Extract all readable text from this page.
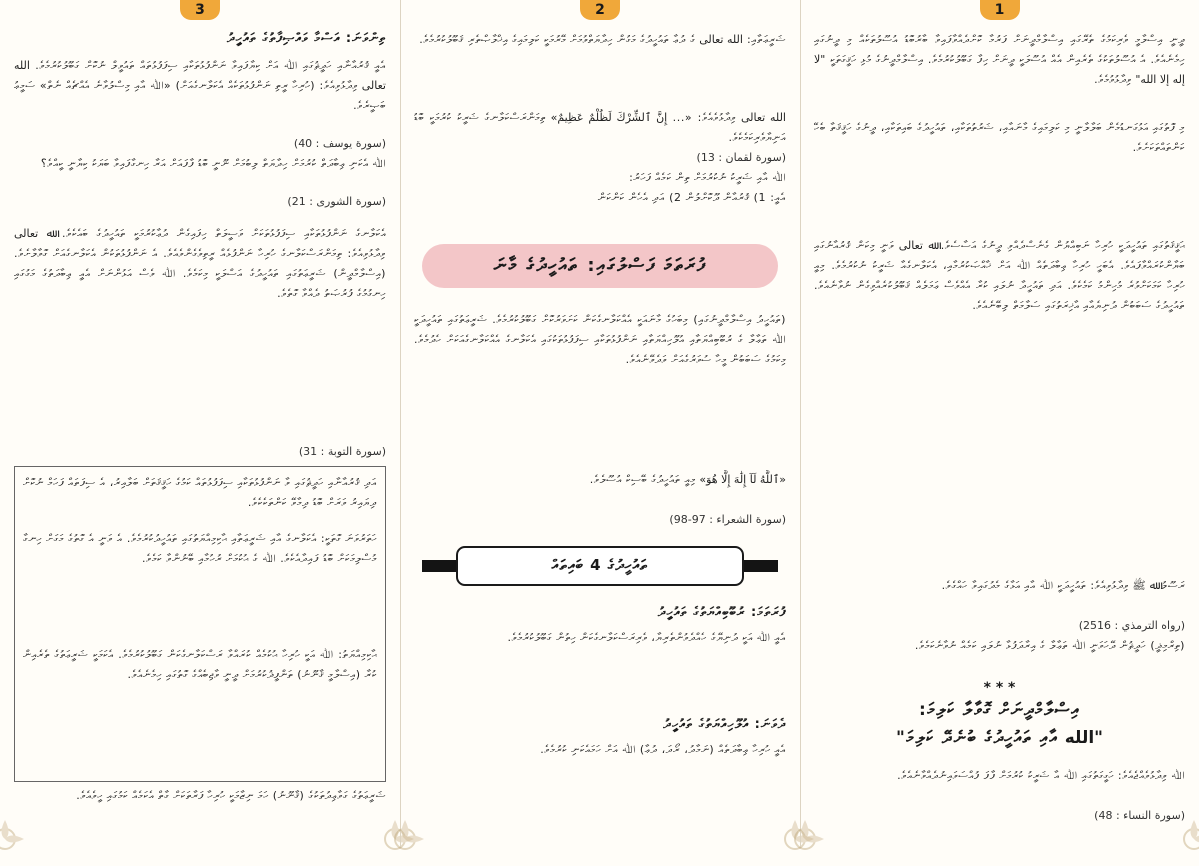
3

ތިންވަނަ: އަސްމާ ވައްޞިފާތުގެ ތައުހީދު

އެއީ ޤުރުއާނާއި ހަދީޘުގައި ﷲ އަށް ކިޔާފައިވާ ނަންފުޅުތަކާއި ސިފަފުޅުތައް ތައުވީލް ނުކޮށް ގަބޫލުކުރުމެވެ. الله تعالى ވިދާޅުވިއެވެ: (ހުރިހާ ރީތި ނަންފުޅުތަކެއް އެކަލާނގެއަށް) «ﷲ އާއި މިސްލުވާނެ އެއްޗެއް ނެތް» ސަމީޢު ބަޞީރެވެ.

(سورة يوسف : 40)

ﷲ އެކަނި ޢިބާދަތް ކުރުމަށް ހިދާޔަތް ލިބުމަށް ނޫނީ ބޮޑު ފާފައަށް އަރާ ހިނގާފައިވާ ބަޔަކު ކިޔާނީ ކީއްވެ؟

(سورة الشورى : 21)

އެކަލާނގެ ނަންފުޅުތަކާއި ސިފަފުޅުތަކަށް ވަސީލަތް ހިފައިގެން ދުޢާކުރުމަކީ ތައުހީދުގެ ބައެކެވެ. ﷲ تعالى ވިދާޅުވިއެވެ: ތިމަންރަސްކަލާނގެ ހުރިހާ ނަންފުޅެއް ރީތިވެގެންވެއެވެ. އެ ނަންފުޅުތަކުން އެކަލާނގެއަށް ގޮވާލާށެވެ. (އިސްލާމްދީން) ޝަރީޢަތުގައި ތައުހީދުގެ އަސްލަކީ މިކަމެވެ. ﷲ ވެސް އަޅުންނަށް އެއީ ޢިބާދަތުގެ މަގުގައި ހިނގުމުގެ ފުރުޞަތު ދެއްވާ ގޮތެވެ.

(سورة التوبة : 31)

އަދި ޤުރުއާނާއި ހަދީޘުގައި ވާ ނަންފުޅުތަކާއި ސިފަފުޅުތައް ކަމުގެ ހަޤީޤަތަށް ބަލާއިރު، އެ ސިފަތައް ފަހަމް ނުކޮށް ދިޔައިރު ވަރަށް ބޮޑު ދިމާވޭ ކަންތަކެކެވެ.

ހަތަރުވަނަ ގޮތަކީ: އެކަލާނގެ އާއި ޝަރީޢަތާއި ޙާކިމިއްޔަތުގައި ތައުހީދުކުރުމެވެ. އެ ވަނީ އެ ގޮތުގެ މަގަށް ހިނގާ މުސްލިމަކަށް ބޮޑު ފައިދާއެކެވެ. ﷲ ގެ ޙުކުމަށް ރުހުމާއި ބޭނުންވާ ކަމެވެ.

ޙާކިމިއްޔަތު: ﷲ އަކީ ހުރިހާ ޙުކުމެއް ކުރައްވާ ރަސްކަލާނގެކަން ގަބޫލުކުރުމެވެ. އެކަމަކީ ޝަރީޢަތުގެ ތެރެއިން ކުރާ (އިސްލާމީ ޤާނޫނު) ތަންފީޛުކުރުމަށް ދީނީ ވާޖިބެއްގެ ގޮތުގައި ހިމެނެއެވެ.

ޝަރީޢަތުގެ ގަވާޢިދުތަކުގެ (ޤާނޫނު) ހަމަ ނިޒާމަކީ ހުރިހާ ފަރާތަކަށް ގާތް އެކަމެއް ކަމުގައި ހީވެއެވެ.

2

ޝަރީޢަތާއި: الله تعالى ގެ ދުޢާ ތައުހީދުގެ މަގުން ހިދާޔަތްވުމަށް މޭރުމަކީ ކަލިމައިގެ އިޚްލާޞްތެރި ޤަބޫލުކުރުމެވެ.

الله تعالى ވިދާޅުވެއެވެ: «... إِنَّ ٱلشِّرْكَ لَظُلْمٌ عَظِيمٌ» ތިމަންރަސްކަލާނގެ ޝަރީކު ކުރުމަކީ ބޮޑު އަނިޔާވެރިކަމެކެވެ.

(سورة لقمان : 13)

ﷲ އާއި ޝަރީކު ނުކުރުމަށް ތިން ކަމެއް ފަހަރު:

އެއީ: 1) ޤުރުއާން ދޫކޮށްލުން 2) އަދި އެހެން ކަންކަން

ފުރަތަމަ ފަސްލުގައި: ތައުހީދުގެ މާނަ

(ތައުހީދު އިސްލާމްދީނުގައި) މިބަހުގެ މާނައަކީ އެއްކަލާނގެކަން ކަށަވަރުކޮށް ގަބޫލުކުރުމެވެ. ޝަރީޢަތުގައި ތައުހީދަކީ ﷲ ތަޢާލާ ގެ ރުބޫބިއްޔަތާއި އުލޫހިއްޔަތާއި ނަންފުޅުތަކާއި ސިފަފުޅުތަކުގައި އެކަލާނގެ އެއްކަލާނގެއަކަށް ހެދުމެވެ. މިކަމުގެ ސަބަބުން މީހާ ސުވަރުގެއަށް ވަދެވޭނެއެވެ.

«ٱللَّهُ لَآ إِلَٰهَ إِلَّا هُوَ» މިއީ ތައުހީދުގެ ބޭސިކް އުސޫލެވެ.

(سورة الشعراء : 97-98)

ތައުހީދުގެ 4 ބައިތައް

ފުރަތަމަ: ރުބޫބިއްޔަތުގެ ތައުހީދު

އެއީ ﷲ އަކީ ދުނިޔޭގެ ހެއްދެވުންތެރިޔާ، ވެރިރަސްކަލާނގެކަން ހިތުން ގަބޫލުކުރުމެވެ.

ދެވަނަ: އުލޫހިއްޔަތުގެ ތައުހީދު

އެއީ ހުރިހާ ޢިބާދަތެއް (ނަމާދު، ރޯދަ، ދުޢާ) ﷲ އަށް ހަމައެކަނި ކުރުމެވެ.

1

ދީނީ އިސްލާމީ ވެރިކަމުގެ ތެރޭގައި އިސްލާމްދީނަށް ފަރުމާ ކޮށްދެއްވާފައިވާ ބާރުބޮޑު އުސޫލުތަކެއް މި ދީނުގައި ހިމެނެއެވެ. އެ އުސޫލުތަކުގެ ތެރެއިން އެއް އުސޫލަކީ ދީނަށް ހިފާ ގަބޫލުކުރުމެވެ. އިސްލާމްދީނުގެ މުޅި ހަޤީގަތަކީ "لا إله إلا الله" ވިދާޅުވުމެވެ.

މި ފޮތުގައި އަޅުގަނޑުމެން ބަލާލާނީ މި ކަލިމައިގެ މާނައާއި، ޝަރުތުތަކާއި، ތައުހީދުގެ ބައިތަކާއި، ދީނުގެ ހަޤީޤަތާ ބެހޭ ކަންތައްތަކަށެވެ.

ޙަޤީޤަތުގައި ތައުހީދަކީ ހުރިހާ ނަބިއްޔުން ގެނެސްދެއްވި ދީނުގެ އަސާސެވެ. ﷲ تعالى ވަނީ މިކަން ޤުރުއާނުގައި ބަޔާންކުރައްވާފައެވެ. އެބަހީ ހުރިހާ ޢިބާދަތެއް ﷲ އަށް ޚާއްޞަކުރުމާއި، އެކަލާނގެއާ ޝަރީކު ނުކުރުމެވެ. މިއީ ހުރިހާ ކަމަކަށްވުރެ މުހިންމު ކަމެކެވެ. އަދި ތައުހީދާ ނުލައި ކުރާ އެއްވެސް ޢަމަލެއް ޤަބޫލުކުރެއްވިގެން ނުވާނެއެވެ. ތައުހީދުގެ ސަބަބުން ދުނިޔެއާއި އާޚިރަތުގައި ސަލާމަތް ލިބޭނެއެވެ.

ރަސޫލު ﷲ ﷺ ވިދާޅުވިއެވެ: ތައުހީދަކީ ﷲ އާއި އަޅާގެ މެދުގައިވާ ހައްގެވެ.

(رواه الترمذي : 2516)

(ތިރްމިޛީ) ހަދީޘުން ދޭހަވަނީ ﷲ ތަޢާލާ ގެ އިރާދަފުޅާ ނުލައި ކަމެއް ނުވާނެކަމެވެ.

* * *

އިސްލާމްދީނަށް ގޮވާލާ ކަލިމަ:

"الله އާއި ތައުހީދުގެ ބުނެދޭ ކަލިމަ"

ﷲ ވިދާޅުވެއްޖެއެވެ: ހަގީގަތުގައި ﷲ އާ ޝަރީކު ކުރުމަށް ފާފަ ފުއްސަވައިނުދެއްވާނެއެވެ.

(سورة النساء : 48)
